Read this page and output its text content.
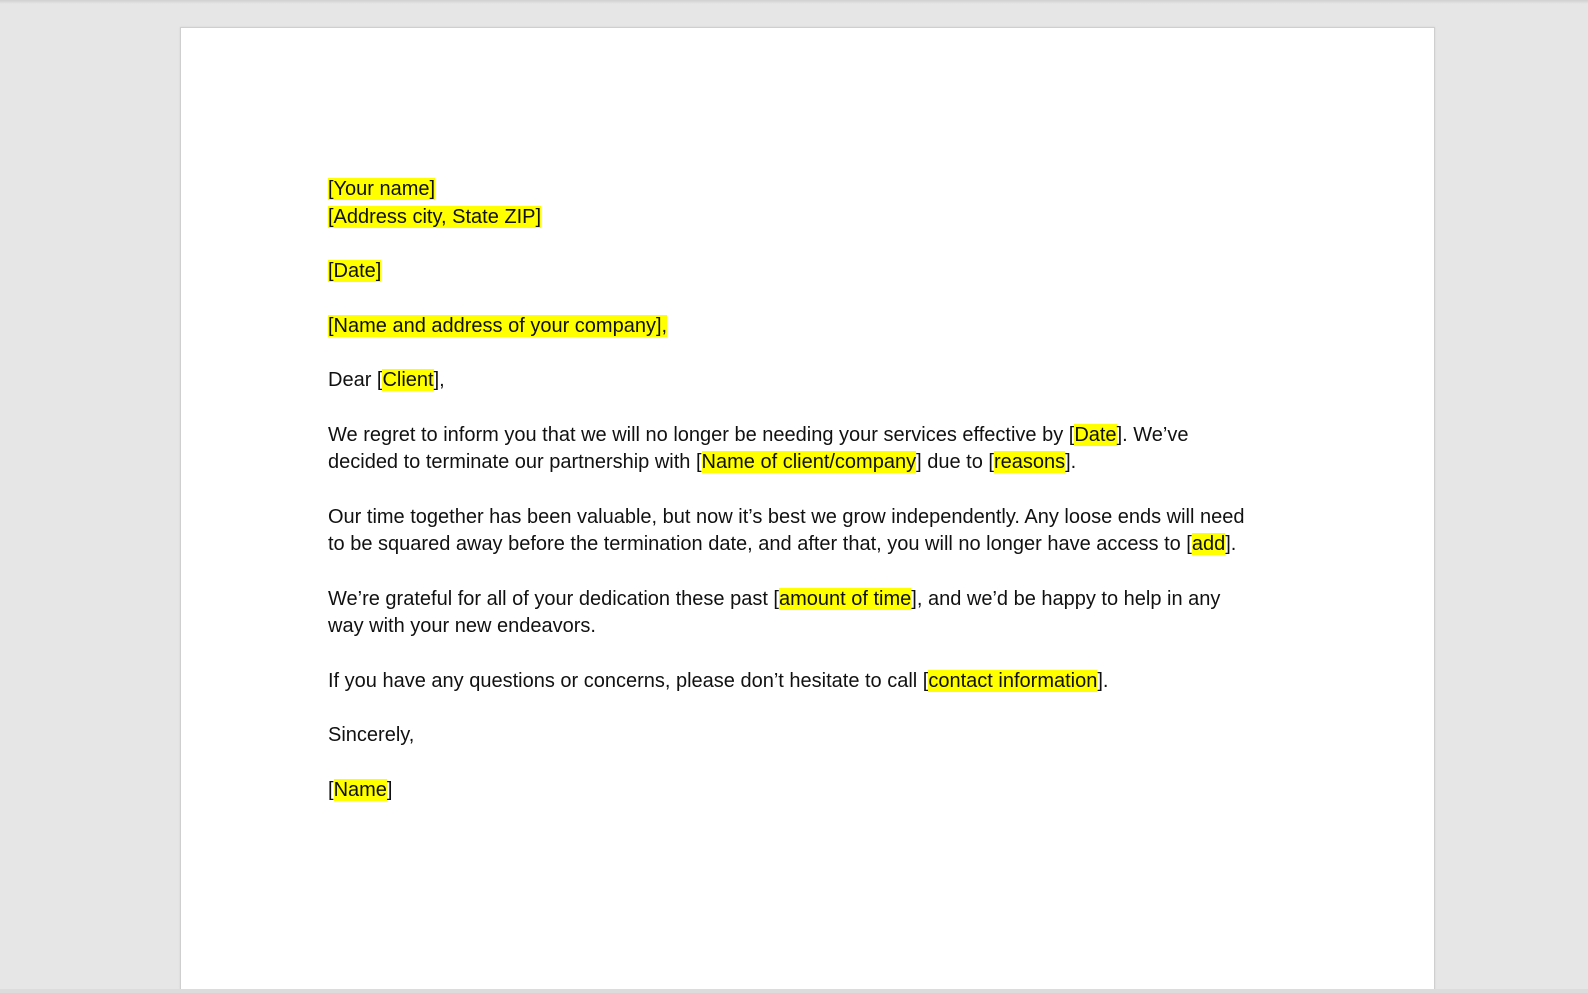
[Your name]
[Address city, State ZIP]
[Date]
[Name and address of your company],
Dear [Client],
We regret to inform you that we will no longer be needing your services effective by [Date]. We’ve
decided to terminate our partnership with [Name of client/company] due to [reasons].
Our time together has been valuable, but now it’s best we grow independently. Any loose ends will need
to be squared away before the termination date, and after that, you will no longer have access to [add].
We’re grateful for all of your dedication these past [amount of time], and we’d be happy to help in any
way with your new endeavors.
If you have any questions or concerns, please don’t hesitate to call [contact information].
Sincerely,
[Name]
